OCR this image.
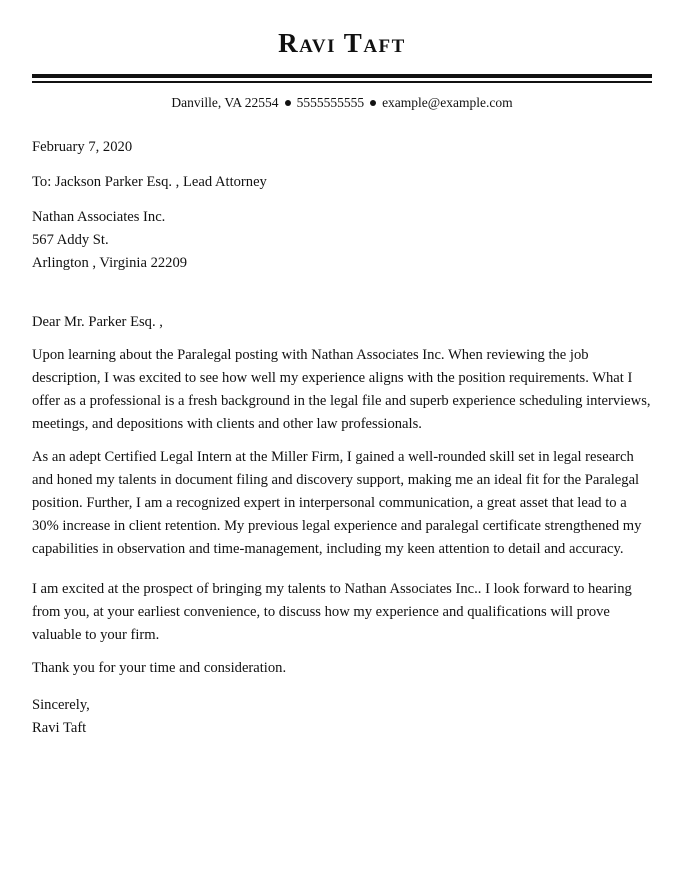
Ravi Taft
Danville, VA 22554 5555555555 example@example.com

February 7, 2020

To: Jackson Parker Esq. , Lead Attorney

Nathan Associates Inc.

567 Addy St.

Arlington , Virginia 22209

Dear Mr. Parker Esq. ,

Upon learning about the Paralegal posting with Nathan Associates Inc. When reviewing the job description, I was excited to see how well my experience aligns with the position requirements. What I offer as a professional is a fresh background in the legal file and superb experience scheduling interviews, meetings, and depositions with clients and other law professionals.

As an adept Certified Legal Intern at the Miller Firm, I gained a well-rounded skill set in legal research and honed my talents in document filing and discovery support, making me an ideal fit for the Paralegal position. Further, I am a recognized expert in interpersonal communication, a great asset that lead to a 30% increase in client retention. My previous legal experience and paralegal certificate strengthened my capabilities in observation and time-management, including my keen attention to detail and accuracy.

I am excited at the prospect of bringing my talents to Nathan Associates Inc.. I look forward to hearing from you, at your earliest convenience, to discuss how my experience and qualifications will prove valuable to your firm.

Thank you for your time and consideration.

Sincerely,

Ravi Taft
